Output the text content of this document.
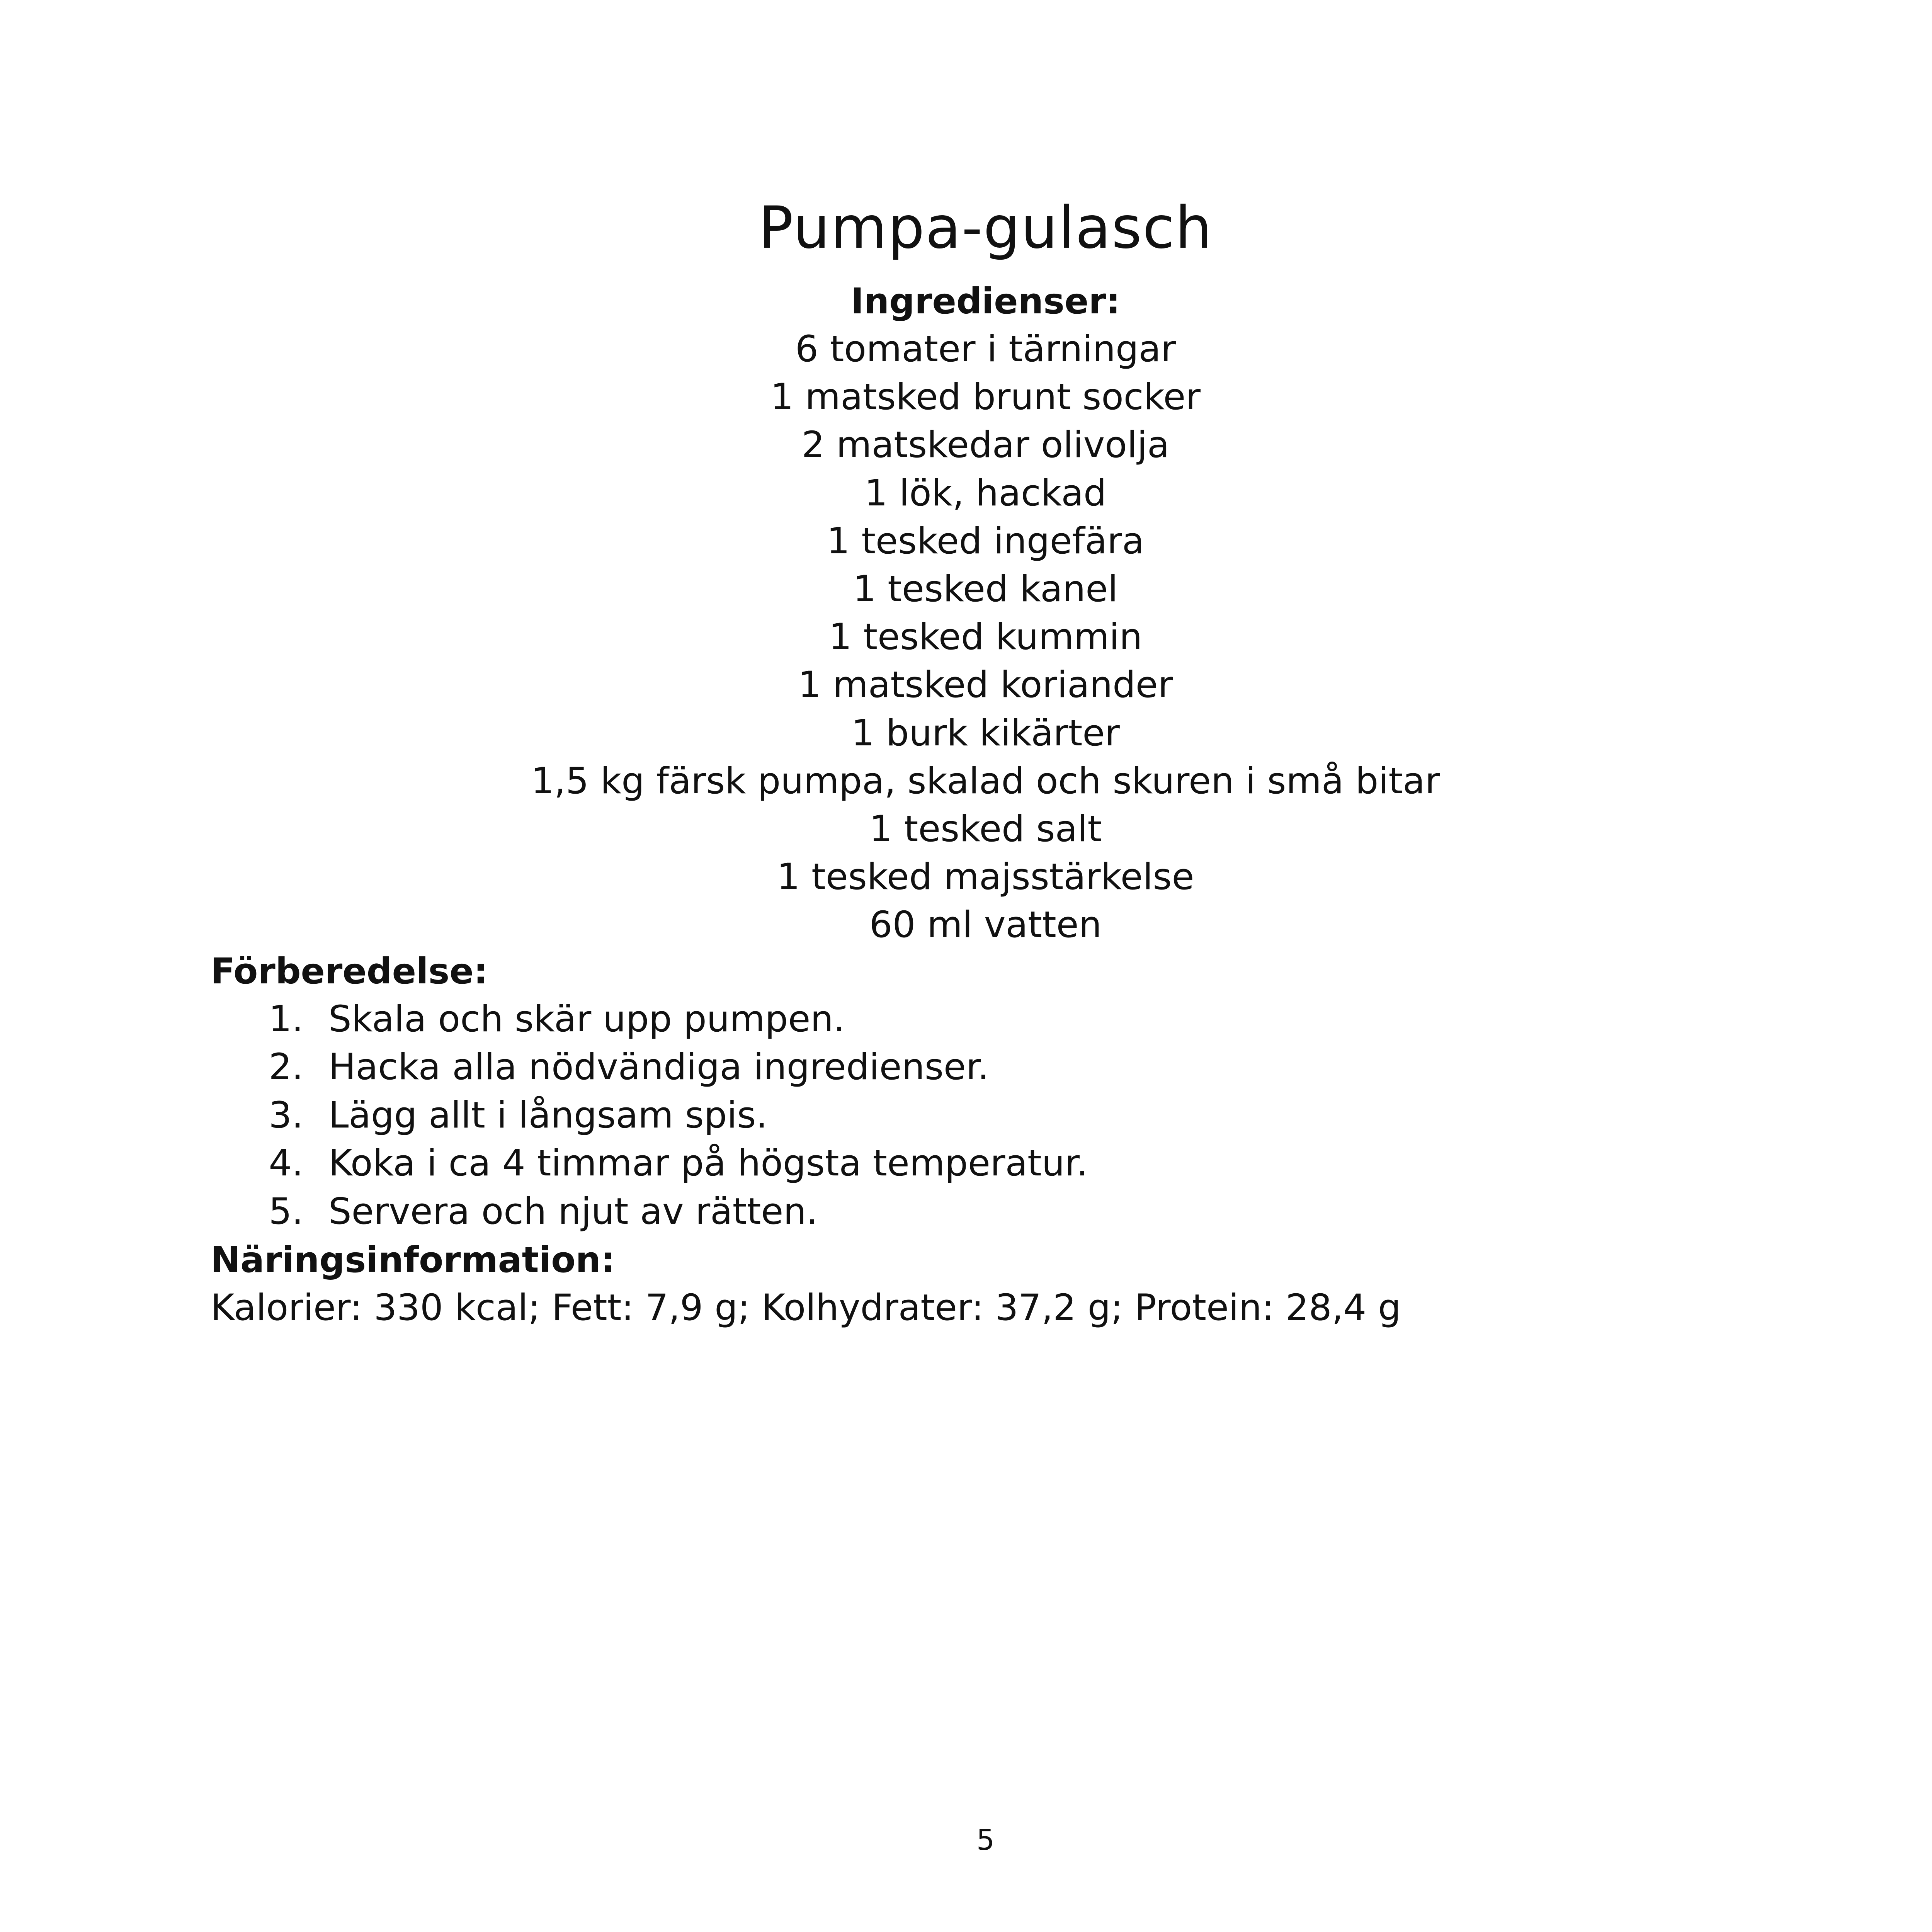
Pumpa-gulasch
Ingredienser:
6 tomater i tärningar
1 matsked brunt socker
2 matskedar olivolja
1 lök, hackad
1 tesked ingefära
1 tesked kanel
1 tesked kummin
1 matsked koriander
1 burk kikärter
1,5 kg färsk pumpa, skalad och skuren i små bitar
1 tesked salt
1 tesked majsstärkelse
60 ml vatten
Förberedelse:
1. Skala och skär upp pumpen.
2. Hacka alla nödvändiga ingredienser.
3. Lägg allt i långsam spis.
4. Koka i ca 4 timmar på högsta temperatur.
5. Servera och njut av rätten.
Näringsinformation:
Kalorier: 330 kcal; Fett: 7,9 g; Kolhydrater: 37,2 g; Protein: 28,4 g
5
